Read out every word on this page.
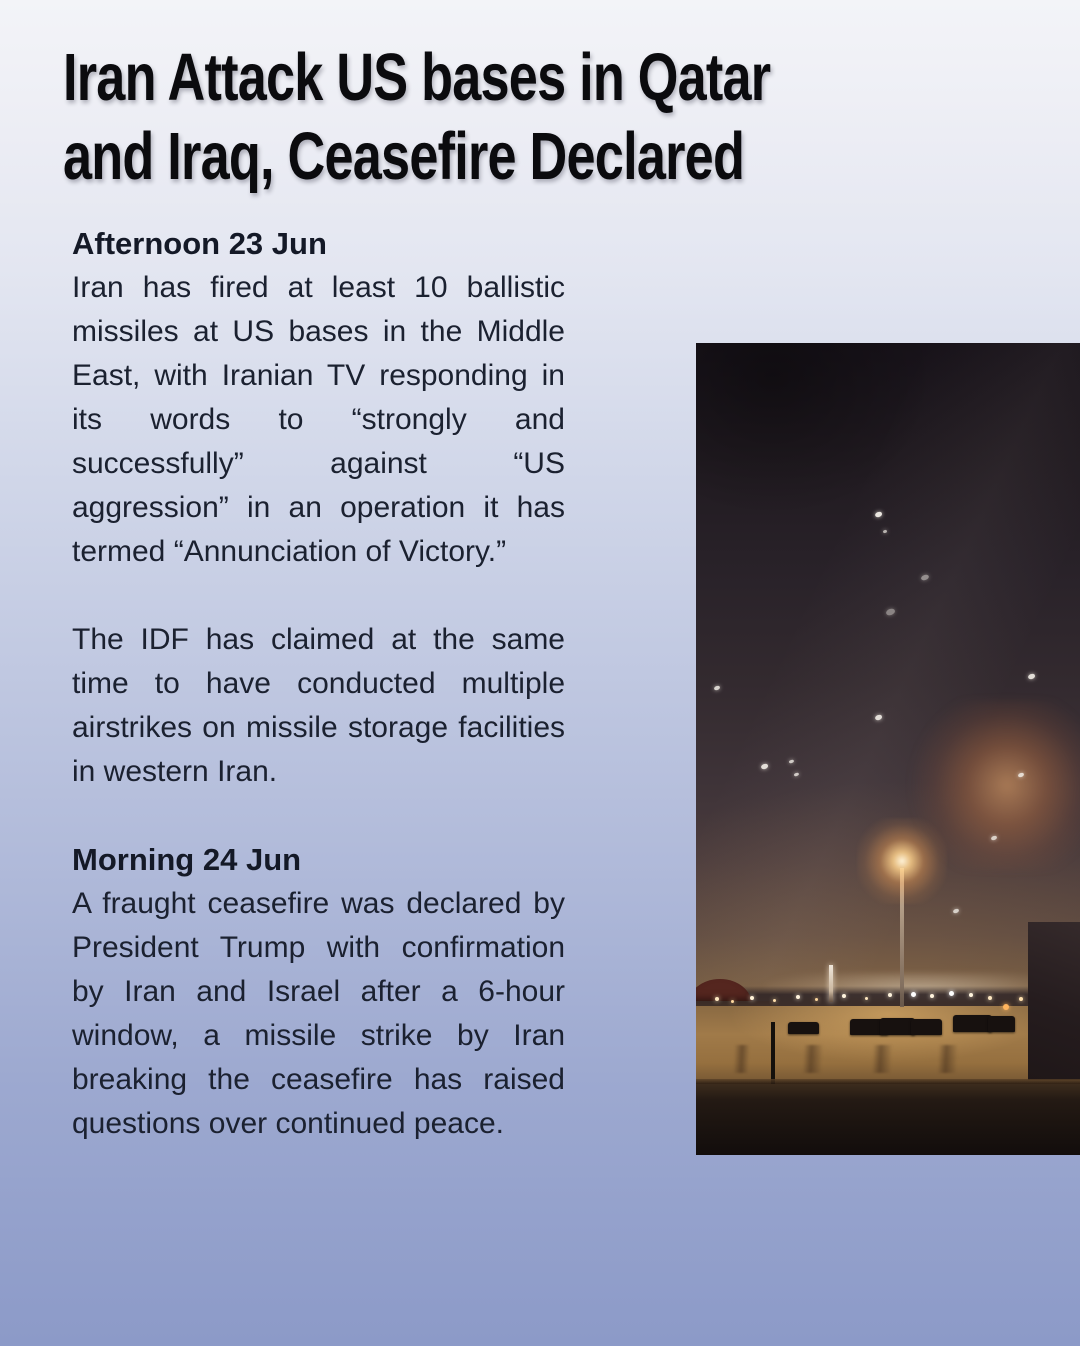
Iran Attack US bases in Qatar
and Iraq, Ceasefire Declared
Afternoon 23 Jun

Iran has fired at least 10 ballistic missiles at US bases in the Middle East, with Iranian TV responding in its words to “strongly and successfully” against “US aggression” in an operation it has termed “Annunciation of Victory.”

The IDF has claimed at the same time to have conducted multiple airstrikes on missile storage facilities in western Iran.

Morning 24 Jun

A fraught ceasefire was declared by President Trump with confirmation by Iran and Israel after a 6-hour window, a missile strike by Iran breaking the ceasefire has raised questions over continued peace.
